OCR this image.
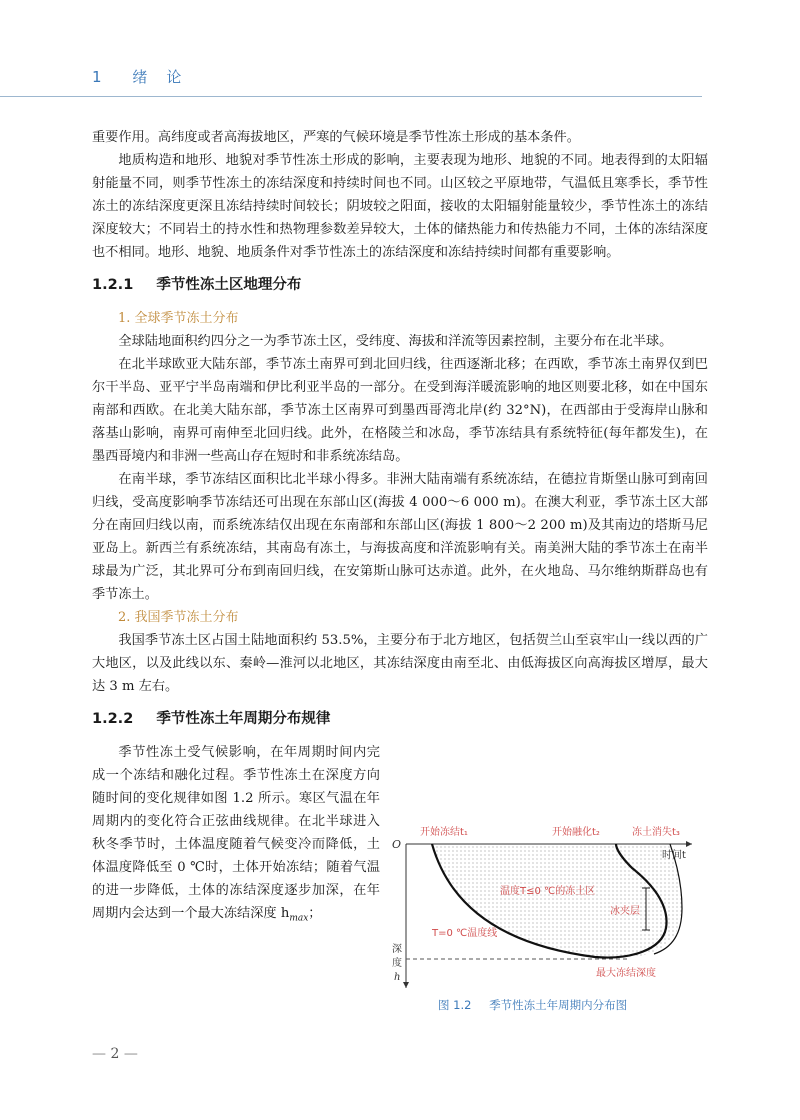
1 绪　论

重要作用。高纬度或者高海拔地区，严寒的气候环境是季节性冻土形成的基本条件。

地质构造和地形、地貌对季节性冻土形成的影响，主要表现为地形、地貌的不同。地表得到的太阳辐射能量不同，则季节性冻土的冻结深度和持续时间也不同。山区较之平原地带，气温低且寒季长，季节性冻土的冻结深度更深且冻结持续时间较长；阴坡较之阳面，接收的太阳辐射能量较少，季节性冻土的冻结深度较大；不同岩土的持水性和热物理参数差异较大，土体的储热能力和传热能力不同，土体的冻结深度也不相同。地形、地貌、地质条件对季节性冻土的冻结深度和冻结持续时间都有重要影响。

1.2.1 季节性冻土区地理分布

1. 全球季节冻土分布

全球陆地面积约四分之一为季节冻土区，受纬度、海拔和洋流等因素控制，主要分布在北半球。

在北半球欧亚大陆东部，季节冻土南界可到北回归线，往西逐渐北移；在西欧，季节冻土南界仅到巴尔干半岛、亚平宁半岛南端和伊比利亚半岛的一部分。在受到海洋暖流影响的地区则要北移，如在中国东南部和西欧。在北美大陆东部，季节冻土区南界可到墨西哥湾北岸(约 32°N)，在西部由于受海岸山脉和落基山影响，南界可南伸至北回归线。此外，在格陵兰和冰岛，季节冻结具有系统特征(每年都发生)，在墨西哥境内和非洲一些高山存在短时和非系统冻结岛。

在南半球，季节冻结区面积比北半球小得多。非洲大陆南端有系统冻结，在德拉肯斯堡山脉可到南回归线，受高度影响季节冻结还可出现在东部山区(海拔 4 000～6 000 m)。在澳大利亚，季节冻土区大部分在南回归线以南，而系统冻结仅出现在东南部和东部山区(海拔 1 800～2 200 m)及其南边的塔斯马尼亚岛上。新西兰有系统冻结，其南岛有冻土，与海拔高度和洋流影响有关。南美洲大陆的季节冻土在南半球最为广泛，其北界可分布到南回归线，在安第斯山脉可达赤道。此外，在火地岛、马尔维纳斯群岛也有季节冻土。

2. 我国季节冻土分布

我国季节冻土区占国土陆地面积约 53.5%，主要分布于北方地区，包括贺兰山至哀牢山一线以西的广大地区，以及此线以东、秦岭—淮河以北地区，其冻结深度由南至北、由低海拔区向高海拔区增厚，最大达 3 m 左右。

1.2.2 季节性冻土年周期分布规律

季节性冻土受气候影响，在年周期时间内完成一个冻结和融化过程。季节性冻土在深度方向随时间的变化规律如图 1.2 所示。寒区气温在年周期内的变化符合正弦曲线规律。在北半球进入秋冬季节时，土体温度随着气候变冷而降低，土体温度降低至 0 ℃时，土体开始冻结；随着气温的进一步降低，土体的冻结深度逐步加深，在年周期内会达到一个最大冻结深度 $h_{max}$；

O
开始冻结t₁	开始融化t₂	冻土消失t₃
时间t
温度T≤0 ℃的冻土区
T=0 ℃温度线
冰夹层
最大冻结深度
深
度
h
图 1.2 季节性冻土年周期内分布图
— 2 —
